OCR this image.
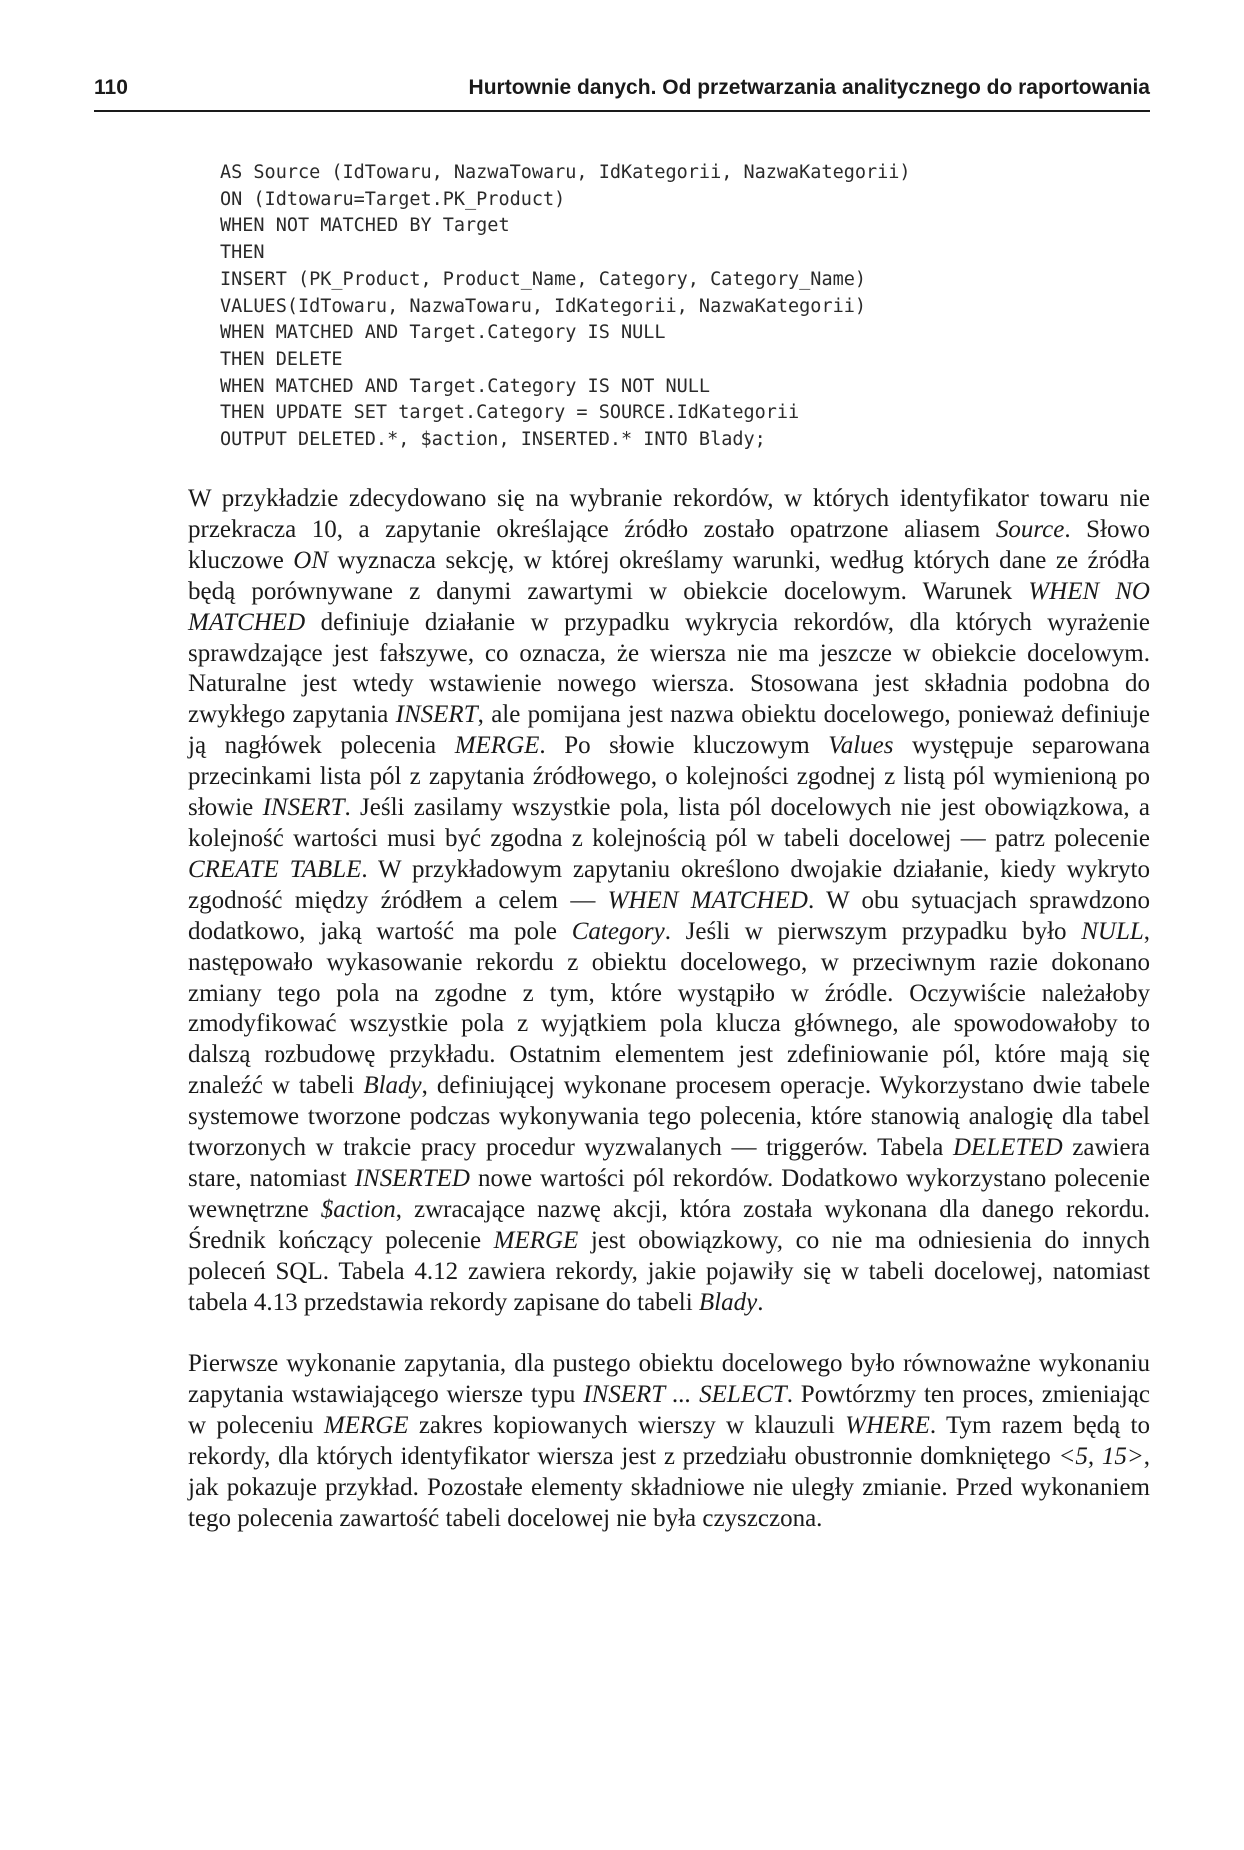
110	Hurtownie danych. Od przetwarzania analitycznego do raportowania
AS Source (IdTowaru, NazwaTowaru, IdKategorii, NazwaKategorii)
ON (Idtowaru=Target.PK_Product)
WHEN NOT MATCHED BY Target
THEN
INSERT (PK_Product, Product_Name, Category, Category_Name)
VALUES(IdTowaru, NazwaTowaru, IdKategorii, NazwaKategorii)
WHEN MATCHED AND Target.Category IS NULL
THEN DELETE
WHEN MATCHED AND Target.Category IS NOT NULL
THEN UPDATE SET target.Category = SOURCE.IdKategorii
OUTPUT DELETED.*, $action, INSERTED.* INTO Blady;

W przykładzie zdecydowano się na wybranie rekordów, w których identyfikator towaru nie przekracza 10, a zapytanie określające źródło zostało opatrzone aliasem Source. Słowo kluczowe ON wyznacza sekcję, w której określamy warunki, według których dane ze źródła będą porównywane z danymi zawartymi w obiekcie docelowym. Warunek WHEN NO MATCHED definiuje działanie w przypadku wykrycia rekordów, dla których wyrażenie sprawdzające jest fałszywe, co oznacza, że wiersza nie ma jeszcze w obiekcie docelowym. Naturalne jest wtedy wstawienie nowego wiersza. Stosowana jest składnia podobna do zwykłego zapytania INSERT, ale pomijana jest nazwa obiektu docelowego, ponieważ definiuje ją nagłówek polecenia MERGE. Po słowie kluczowym Values występuje separowana przecinkami lista pól z zapytania źródłowego, o kolejności zgodnej z listą pól wymienioną po słowie INSERT. Jeśli zasilamy wszystkie pola, lista pól docelowych nie jest obowiązkowa, a kolejność wartości musi być zgodna z kolejnością pól w tabeli docelowej — patrz polecenie CREATE TABLE. W przykładowym zapytaniu określono dwojakie działanie, kiedy wykryto zgodność między źródłem a celem — WHEN MATCHED. W obu sytuacjach sprawdzono dodatkowo, jaką wartość ma pole Category. Jeśli w pierwszym przypadku było NULL, następowało wykasowanie rekordu z obiektu docelowego, w przeciwnym razie dokonano zmiany tego pola na zgodne z tym, które wystąpiło w źródle. Oczywiście należałoby zmodyfikować wszystkie pola z wyjątkiem pola klucza głównego, ale spowodowałoby to dalszą rozbudowę przykładu. Ostatnim elementem jest zdefiniowanie pól, które mają się znaleźć w tabeli Blady, definiującej wykonane procesem operacje. Wykorzystano dwie tabele systemowe tworzone podczas wykonywania tego polecenia, które stanowią analogię dla tabel tworzonych w trakcie pracy procedur wyzwalanych — triggerów. Tabela DELETED zawiera stare, natomiast INSERTED nowe wartości pól rekordów. Dodatkowo wykorzystano polecenie wewnętrzne $action, zwracające nazwę akcji, która została wykonana dla danego rekordu. Średnik kończący polecenie MERGE jest obowiązkowy, co nie ma odniesienia do innych poleceń SQL. Tabela 4.12 zawiera rekordy, jakie pojawiły się w tabeli docelowej, natomiast tabela 4.13 przedstawia rekordy zapisane do tabeli Blady.

Pierwsze wykonanie zapytania, dla pustego obiektu docelowego było równoważne wykonaniu zapytania wstawiającego wiersze typu INSERT ... SELECT. Powtórzmy ten proces, zmieniając w poleceniu MERGE zakres kopiowanych wierszy w klauzuli WHERE. Tym razem będą to rekordy, dla których identyfikator wiersza jest z przedziału obustronnie domkniętego <5, 15>, jak pokazuje przykład. Pozostałe elementy składniowe nie uległy zmianie. Przed wykonaniem tego polecenia zawartość tabeli docelowej nie była czyszczona.
